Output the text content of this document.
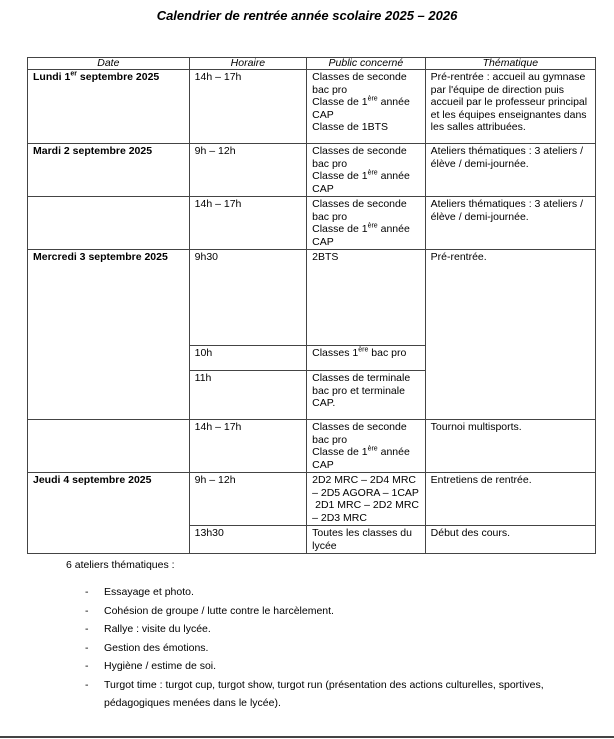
Calendrier de rentrée année scolaire 2025 – 2026
Date	Horaire	Public concerné	Thématique
Lundi 1er septembre 2025	14h – 17h	Classes de seconde
bac pro
Classe de 1ère année
CAP
Classe de 1BTS	Pré-rentrée : accueil au gymnase par l'équipe de direction puis accueil par le professeur principal et les équipes enseignantes dans les salles attribuées.
Mardi 2 septembre 2025	9h – 12h	Classes de seconde
bac pro
Classe de 1ère année
CAP	Ateliers thématiques : 3 ateliers / élève / demi-journée.
	14h – 17h	Classes de seconde
bac pro
Classe de 1ère année
CAP	Ateliers thématiques : 3 ateliers / élève / demi-journée.
Mercredi 3 septembre 2025	9h30	2BTS	Pré-rentrée.
	10h	Classes 1ère bac pro	
	11h	Classes de terminale bac pro et terminale CAP.	
	14h – 17h	Classes de seconde
bac pro
Classe de 1ère année
CAP	Tournoi multisports.
Jeudi 4 septembre 2025	9h – 12h	2D2 MRC – 2D4 MRC
– 2D5 AGORA – 1CAP
2D1 MRC – 2D2 MRC
– 2D3 MRC	Entretiens de rentrée.
	13h30	Toutes les classes du lycée	Début des cours.
6 ateliers thématiques :
- Essayage et photo.
- Cohésion de groupe / lutte contre le harcèlement.
- Rallye : visite du lycée.
- Gestion des émotions.
- Hygiène / estime de soi.
- Turgot time : turgot cup, turgot show, turgot run (présentation des actions culturelles, sportives, pédagogiques menées dans le lycée).
